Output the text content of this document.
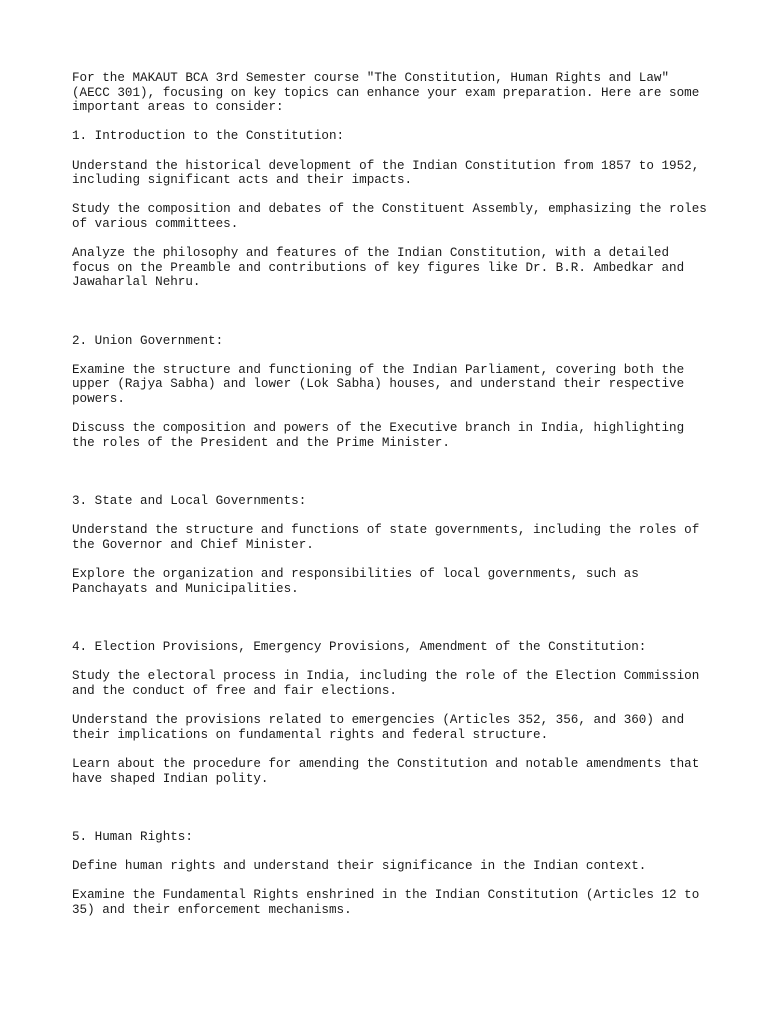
For the MAKAUT BCA 3rd Semester course "The Constitution, Human Rights and Law" (AECC 301), focusing on key topics can enhance your exam preparation. Here are some important areas to consider:

1. Introduction to the Constitution:

Understand the historical development of the Indian Constitution from 1857 to 1952, including significant acts and their impacts.

Study the composition and debates of the Constituent Assembly, emphasizing the roles of various committees.

Analyze the philosophy and features of the Indian Constitution, with a detailed focus on the Preamble and contributions of key figures like Dr. B.R. Ambedkar and Jawaharlal Nehru.

2. Union Government:

Examine the structure and functioning of the Indian Parliament, covering both the upper (Rajya Sabha) and lower (Lok Sabha) houses, and understand their respective powers.

Discuss the composition and powers of the Executive branch in India, highlighting the roles of the President and the Prime Minister.

3. State and Local Governments:

Understand the structure and functions of state governments, including the roles of the Governor and Chief Minister.

Explore the organization and responsibilities of local governments, such as Panchayats and Municipalities.

4. Election Provisions, Emergency Provisions, Amendment of the Constitution:

Study the electoral process in India, including the role of the Election Commission and the conduct of free and fair elections.

Understand the provisions related to emergencies (Articles 352, 356, and 360) and their implications on fundamental rights and federal structure.

Learn about the procedure for amending the Constitution and notable amendments that have shaped Indian polity.

5. Human Rights:

Define human rights and understand their significance in the Indian context.

Examine the Fundamental Rights enshrined in the Indian Constitution (Articles 12 to 35) and their enforcement mechanisms.
